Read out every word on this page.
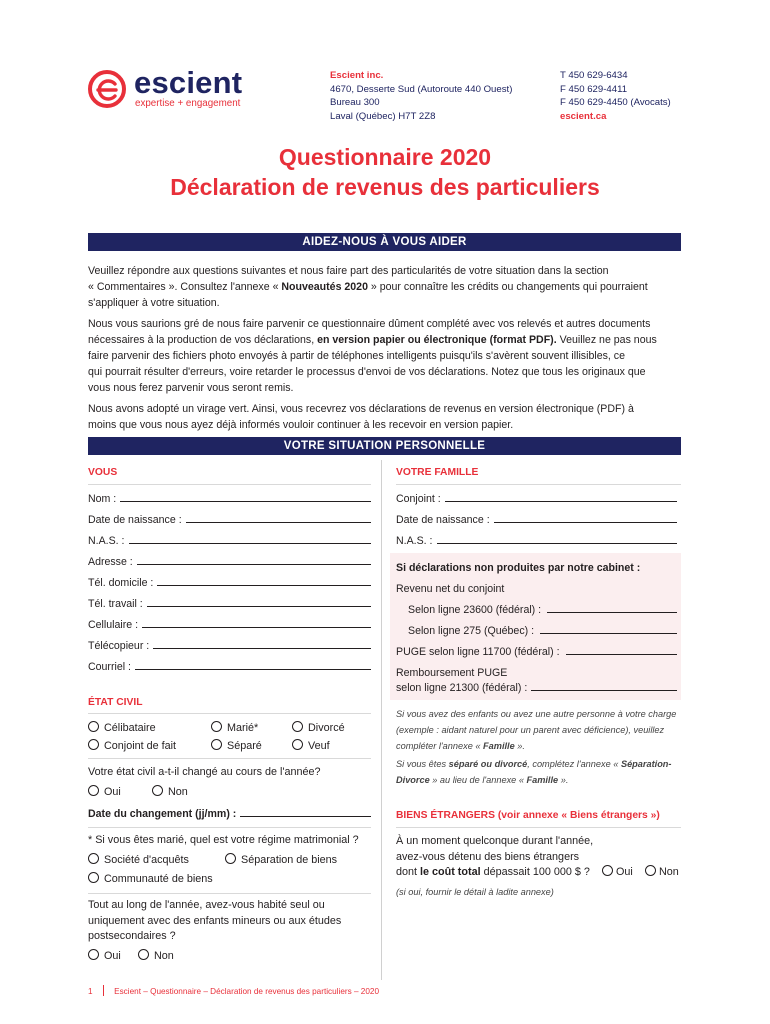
escient
expertise + engagement
Escient inc.
4670, Desserte Sud (Autoroute 440 Ouest)
Bureau 300
Laval (Québec) H7T 2Z8
T 450 629-6434
F 450 629-4411
F 450 629-4450 (Avocats)
escient.ca
Questionnaire 2020
Déclaration de revenus des particuliers
AIDEZ-NOUS À VOUS AIDER
Veuillez répondre aux questions suivantes et nous faire part des particularités de votre situation dans la section
« Commentaires ». Consultez l'annexe « Nouveautés 2020 » pour connaître les crédits ou changements qui pourraient
s'appliquer à votre situation.
Nous vous saurions gré de nous faire parvenir ce questionnaire dûment complété avec vos relevés et autres documents
nécessaires à la production de vos déclarations, en version papier ou électronique (format PDF). Veuillez ne pas nous
faire parvenir des fichiers photo envoyés à partir de téléphones intelligents puisqu'ils s'avèrent souvent illisibles, ce
qui pourrait résulter d'erreurs, voire retarder le processus d'envoi de vos déclarations. Notez que tous les originaux que
vous nous ferez parvenir vous seront remis.
Nous avons adopté un virage vert. Ainsi, vous recevrez vos déclarations de revenus en version électronique (PDF) à
moins que vous nous ayez déjà informés vouloir continuer à les recevoir en version papier.
VOTRE SITUATION PERSONNELLE
VOUS
Nom :
Date de naissance :
N.A.S. :
Adresse :
Tél. domicile :
Tél. travail :
Cellulaire :
Télécopieur :
Courriel :
VOTRE FAMILLE
Conjoint :
Date de naissance :
N.A.S. :
Si déclarations non produites par notre cabinet :
Revenu net du conjoint
Selon ligne 23600 (fédéral) :
Selon ligne 275 (Québec) :
PUGE selon ligne 11700 (fédéral) :
Remboursement PUGE
selon ligne 21300 (fédéral) :
ÉTAT CIVIL
Célibataire	Marié*	Divorcé
Conjoint de fait	Séparé	Veuf
Votre état civil a-t-il changé au cours de l'année?
Oui	Non
Date du changement (jj/mm) :
* Si vous êtes marié, quel est votre régime matrimonial ?
Société d'acquêts	Séparation de biens
Communauté de biens
Tout au long de l'année, avez-vous habité seul ou
uniquement avec des enfants mineurs ou aux études
postsecondaires ?
Oui	Non
Si vous avez des enfants ou avez une autre personne à votre charge
(exemple : aidant naturel pour un parent avec déficience), veuillez
compléter l'annexe « Famille ».
Si vous êtes séparé ou divorcé, complétez l'annexe « Séparation-
Divorce » au lieu de l'annexe « Famille ».
BIENS ÉTRANGERS (voir annexe « Biens étrangers »)
À un moment quelconque durant l'année,
avez-vous détenu des biens étrangers
dont le coût total dépassait 100 000 $ ?	Oui	Non
(si oui, fournir le détail à ladite annexe)
1	Escient – Questionnaire – Déclaration de revenus des particuliers – 2020
